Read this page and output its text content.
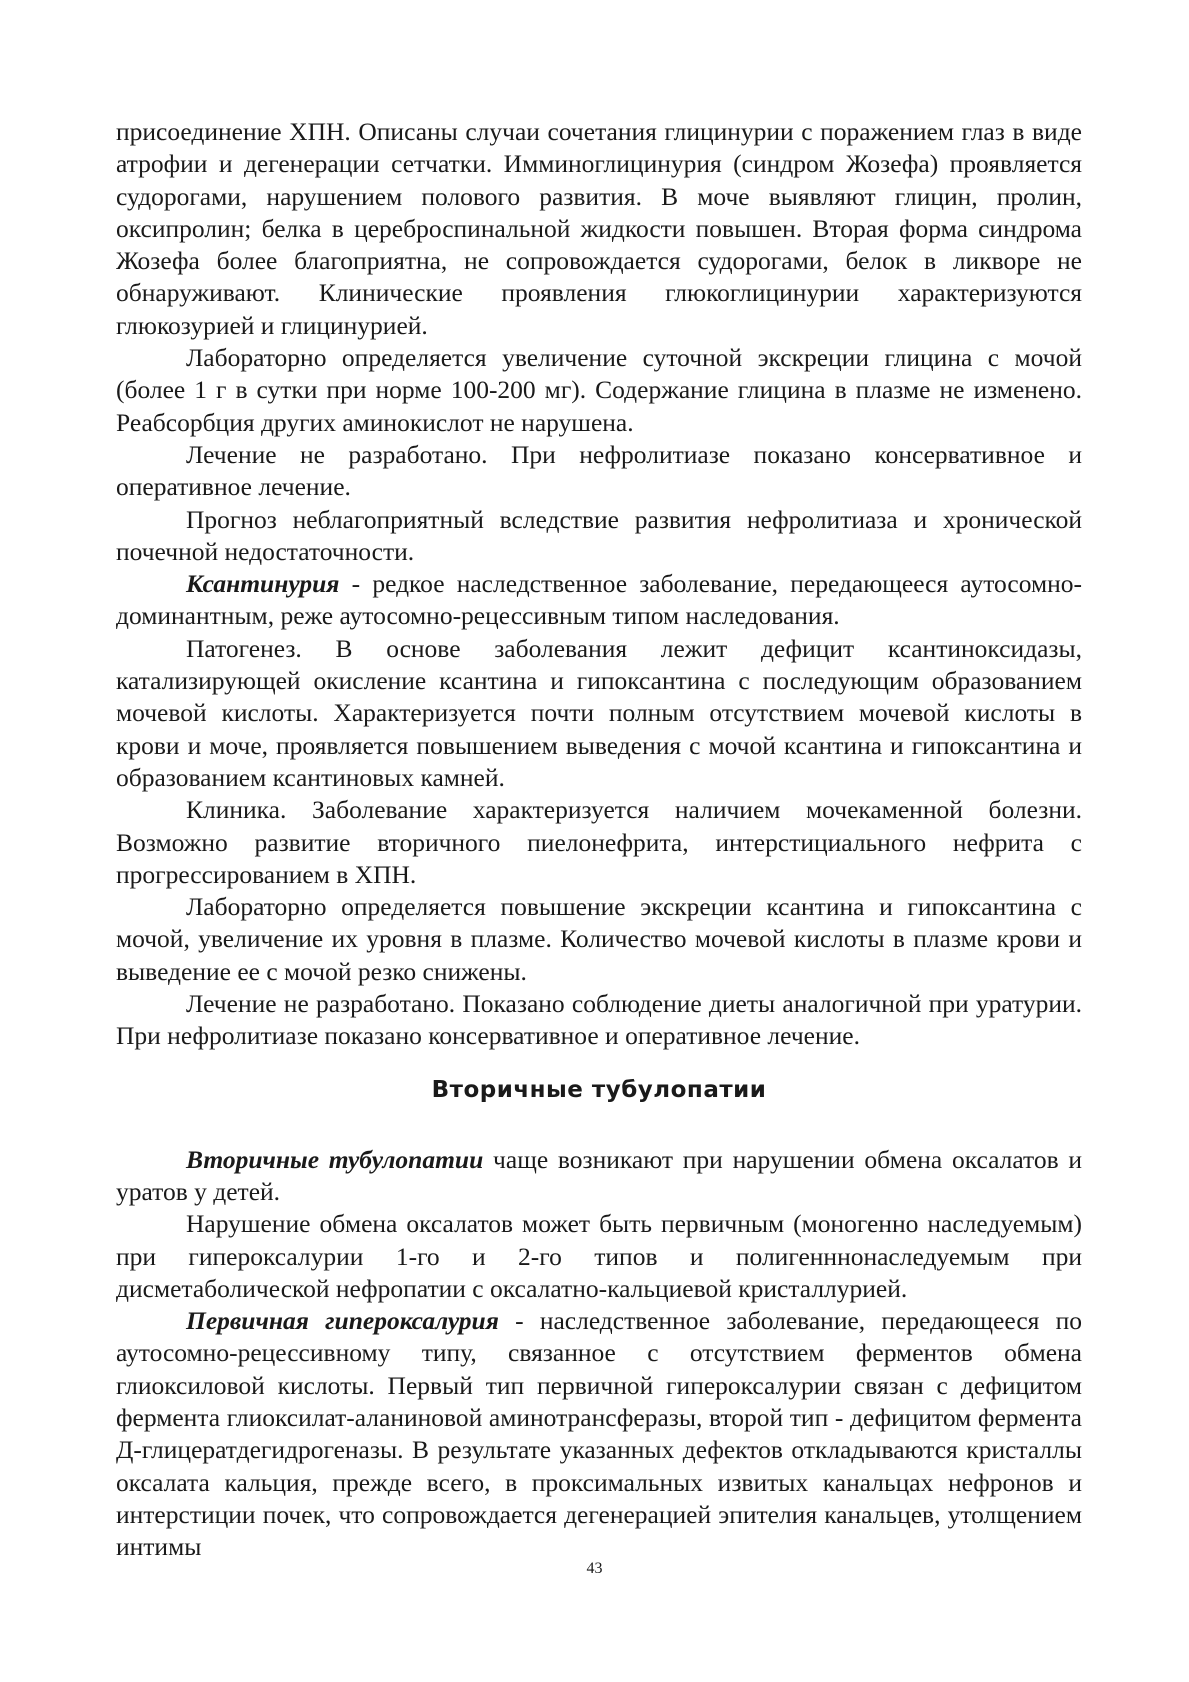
присоединение ХПН. Описаны случаи сочетания глицинурии с поражением глаз в виде атрофии и дегенерации сетчатки. Имминоглицинурия (синдром Жозефа) проявляется судорогами, нарушением полового развития. В моче выявляют глицин, пролин, оксипролин; белка в цереброспинальной жидкости повышен. Вторая форма синдрома Жозефа более благоприятна, не сопровождается судорогами, белок в ликворе не обнаруживают. Клинические проявления глюкоглицинурии характеризуются глюкозурией и глицинурией.

Лабораторно определяется увеличение суточной экскреции глицина с мочой (более 1 г в сутки при норме 100-200 мг). Содержание глицина в плазме не изменено. Реабсорбция других аминокислот не нарушена.

Лечение не разработано. При нефролитиазе показано консервативное и оперативное лечение.

Прогноз неблагоприятный вследствие развития нефролитиаза и хронической почечной недостаточности.

Ксантинурия - редкое наследственное заболевание, передающееся аутосомно-доминантным, реже аутосомно-рецессивным типом наследования.

Патогенез. В основе заболевания лежит дефицит ксантиноксидазы, катализирующей окисление ксантина и гипоксантина с последующим образованием мочевой кислоты. Характеризуется почти полным отсутствием мочевой кислоты в крови и моче, проявляется повышением выведения с мочой ксантина и гипоксантина и образованием ксантиновых камней.

Клиника. Заболевание характеризуется наличием мочекаменной болезни. Возможно развитие вторичного пиелонефрита, интерстициального нефрита с прогрессированием в ХПН.

Лабораторно определяется повышение экскреции ксантина и гипоксантина с мочой, увеличение их уровня в плазме. Количество мочевой кислоты в плазме крови и выведение ее с мочой резко снижены.

Лечение не разработано. Показано соблюдение диеты аналогичной при уратурии. При нефролитиазе показано консервативное и оперативное лечение.

Вторичные тубулопатии

Вторичные тубулопатии чаще возникают при нарушении обмена оксалатов и уратов у детей.

Нарушение обмена оксалатов может быть первичным (моногенно наследуемым) при гипероксалурии 1-го и 2-го типов и полигенннонаследуемым при дисметаболической нефропатии с оксалатно-кальциевой кристаллурией.

Первичная гипероксалурия - наследственное заболевание, передающееся по аутосомно-рецессивному типу, связанное с отсутствием ферментов обмена глиоксиловой кислоты. Первый тип первичной гипероксалурии связан с дефицитом фермента глиоксилат-аланиновой аминотрансферазы, второй тип - дефицитом фермента Д-глицератдегидрогеназы. В результате указанных дефектов откладываются кристаллы оксалата кальция, прежде всего, в проксимальных извитых канальцах нефронов и интерстиции почек, что сопровождается дегенерацией эпителия канальцев, утолщением интимы

43
